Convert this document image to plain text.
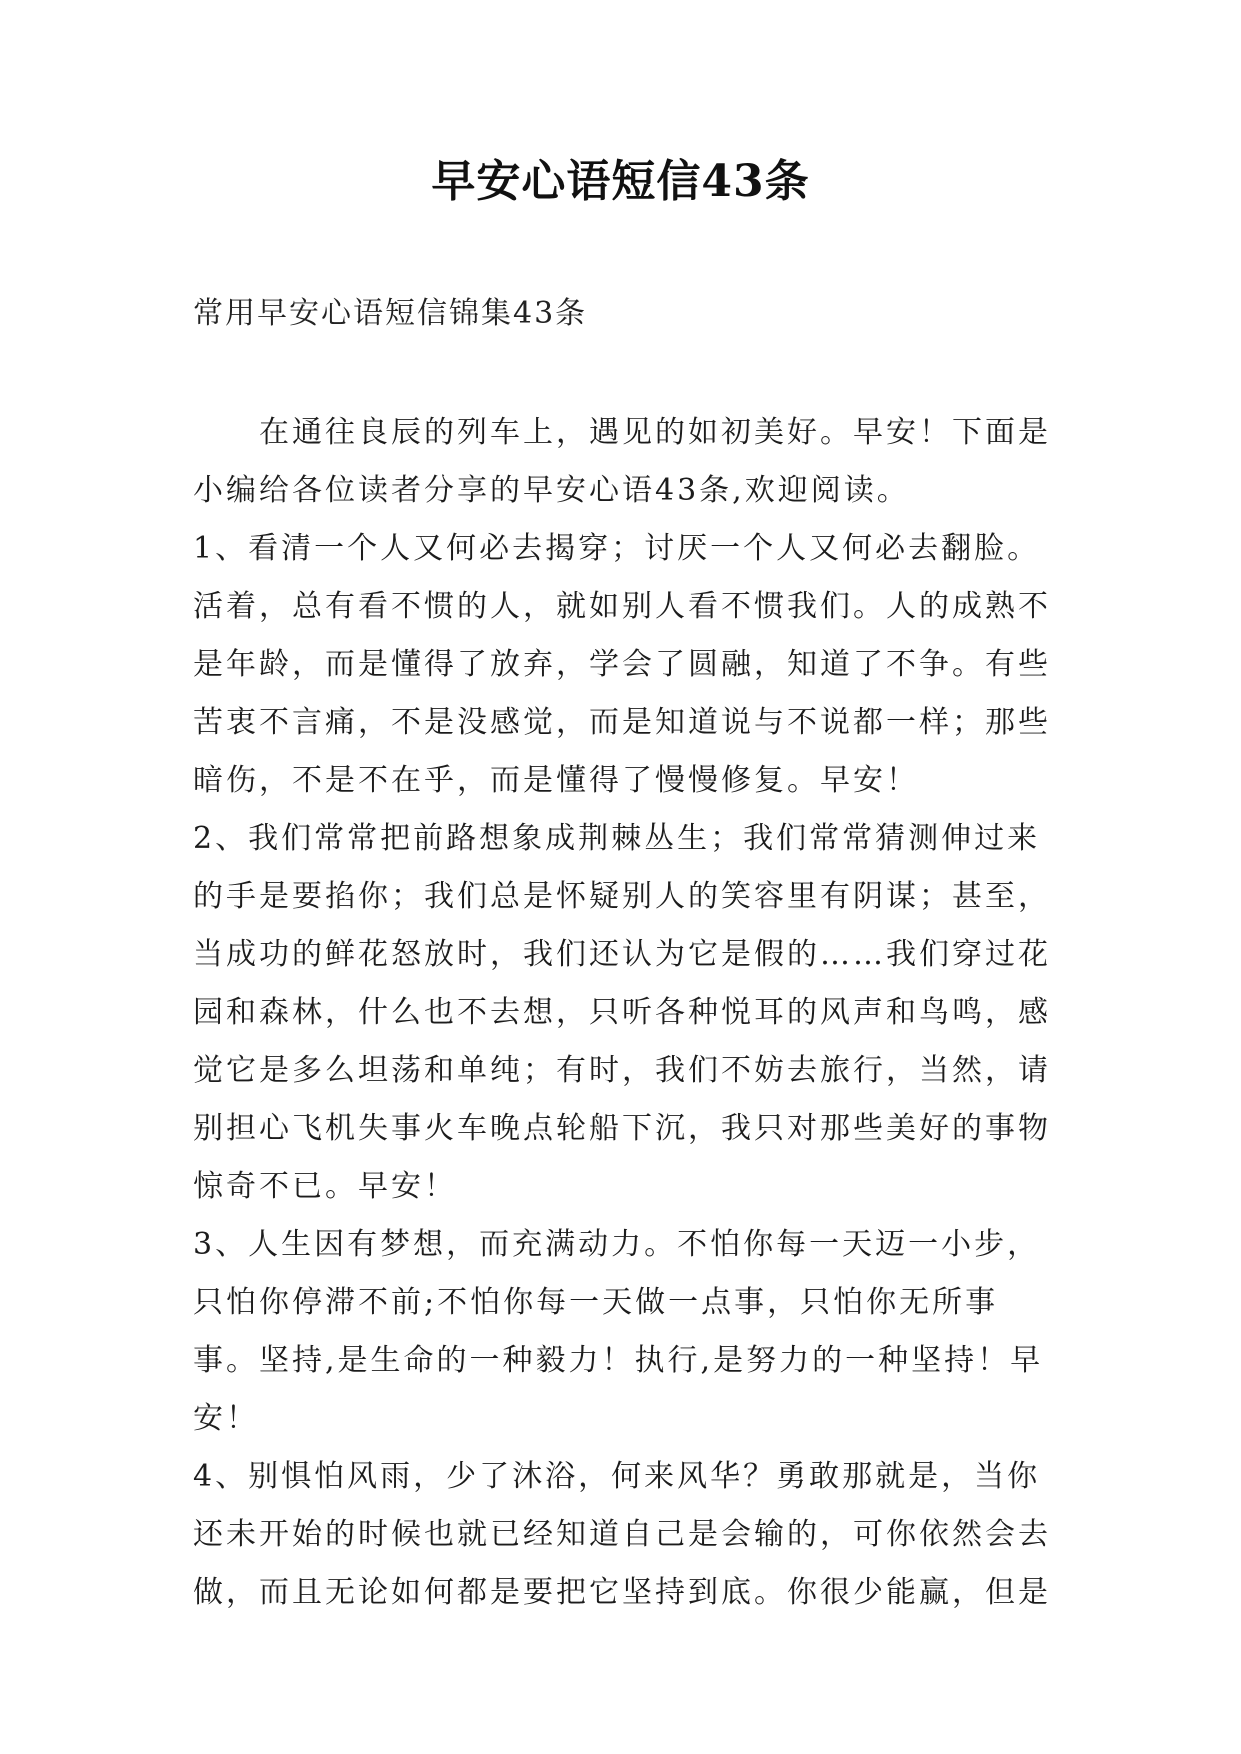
早安心语短信43条
常用早安心语短信锦集43条

在通往良辰的列车上，遇见的如初美好。早安！下面是小编给各位读者分享的早安心语43条,欢迎阅读。

1、看清一个人又何必去揭穿；讨厌一个人又何必去翻脸。活着，总有看不惯的人，就如别人看不惯我们。人的成熟不是年龄，而是懂得了放弃，学会了圆融，知道了不争。有些苦衷不言痛，不是没感觉，而是知道说与不说都一样；那些暗伤，不是不在乎，而是懂得了慢慢修复。早安！

2、我们常常把前路想象成荆棘丛生；我们常常猜测伸过来的手是要掐你；我们总是怀疑别人的笑容里有阴谋；甚至，当成功的鲜花怒放时，我们还认为它是假的……我们穿过花园和森林，什么也不去想，只听各种悦耳的风声和鸟鸣，感觉它是多么坦荡和单纯；有时，我们不妨去旅行，当然，请别担心飞机失事火车晚点轮船下沉，我只对那些美好的事物惊奇不已。早安！

3、人生因有梦想，而充满动力。不怕你每一天迈一小步，只怕你停滞不前;不怕你每一天做一点事，只怕你无所事事。坚持,是生命的一种毅力！执行,是努力的一种坚持！早安！

4、别惧怕风雨，少了沐浴，何来风华？勇敢那就是，当你还未开始的时候也就已经知道自己是会输的，可你依然会去做，而且无论如何都是要把它坚持到底。你很少能赢，但是
